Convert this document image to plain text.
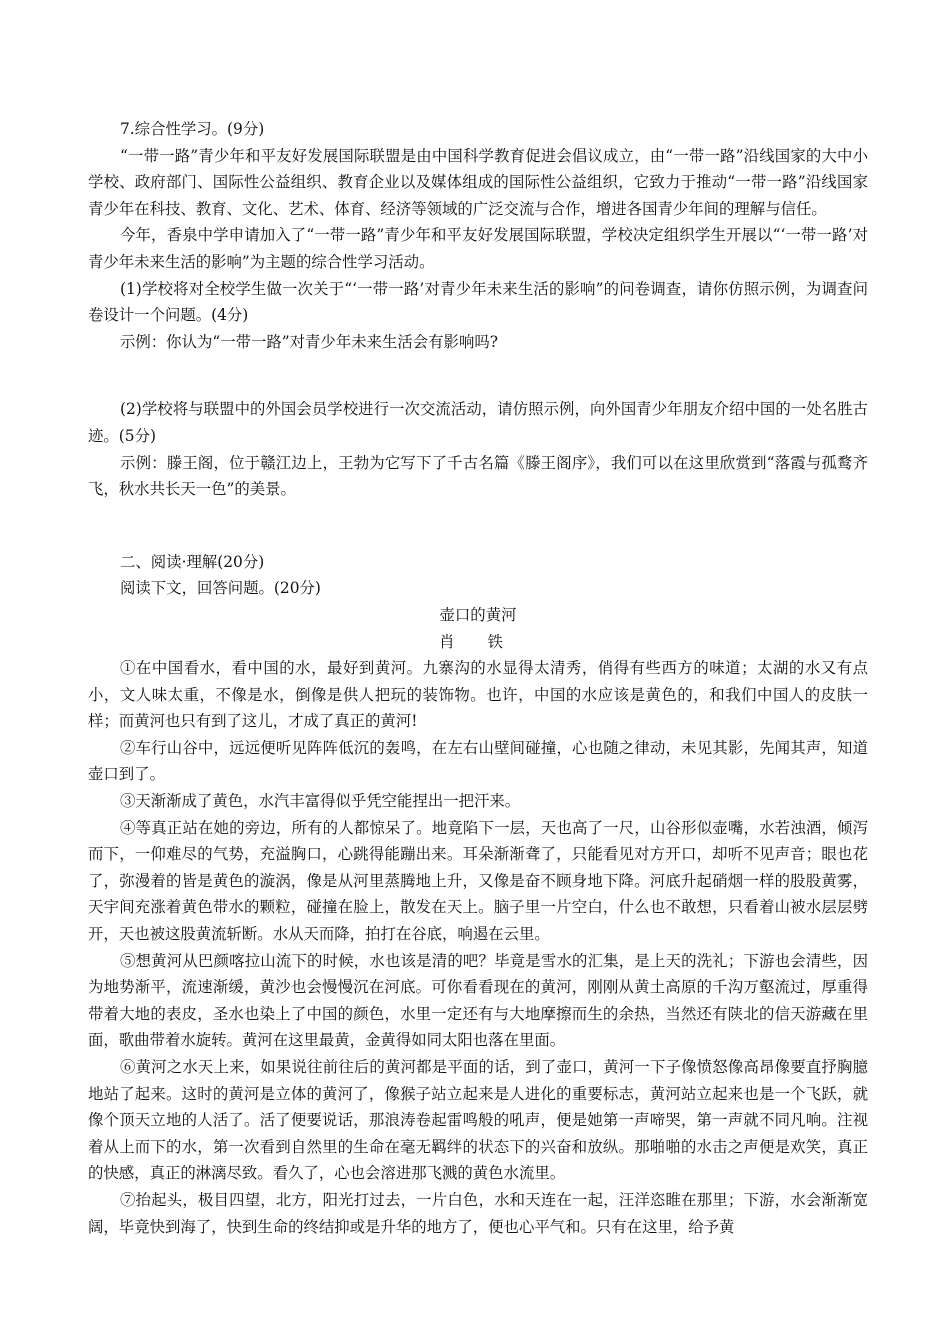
7.综合性学习。(9分)

“一带一路”青少年和平友好发展国际联盟是由中国科学教育促进会倡议成立，由“一带一路”沿线国家的大中小学校、政府部门、国际性公益组织、教育企业以及媒体组成的国际性公益组织，它致力于推动“一带一路”沿线国家青少年在科技、教育、文化、艺术、体育、经济等领域的广泛交流与合作，增进各国青少年间的理解与信任。

今年，香泉中学申请加入了“一带一路”青少年和平友好发展国际联盟，学校决定组织学生开展以“‘一带一路’对青少年未来生活的影响”为主题的综合性学习活动。

(1)学校将对全校学生做一次关于“‘一带一路’对青少年未来生活的影响”的问卷调查，请你仿照示例，为调查问卷设计一个问题。(4分)

示例：你认为“一带一路”对青少年未来生活会有影响吗?

(2)学校将与联盟中的外国会员学校进行一次交流活动，请仿照示例，向外国青少年朋友介绍中国的一处名胜古迹。(5分)

示例：滕王阁，位于赣江边上，王勃为它写下了千古名篇《滕王阁序》，我们可以在这里欣赏到“落霞与孤鹜齐飞，秋水共长天一色”的美景。

二、阅读·理解(20分)

阅读下文，回答问题。(20分)

壶口的黄河

肖 铁

①在中国看水，看中国的水，最好到黄河。九寨沟的水显得太清秀，俏得有些西方的味道；太湖的水又有点小，文人味太重，不像是水，倒像是供人把玩的装饰物。也许，中国的水应该是黄色的，和我们中国人的皮肤一样；而黄河也只有到了这儿，才成了真正的黄河!

②车行山谷中，远远便听见阵阵低沉的轰鸣，在左右山壁间碰撞，心也随之律动，未见其影，先闻其声，知道壶口到了。

③天渐渐成了黄色，水汽丰富得似乎凭空能捏出一把汗来。

④等真正站在她的旁边，所有的人都惊呆了。地竟陷下一层，天也高了一尺，山谷形似壶嘴，水若浊酒，倾泻而下，一仰难尽的气势，充溢胸口，心跳得能蹦出来。耳朵渐渐聋了，只能看见对方开口，却听不见声音；眼也花了，弥漫着的皆是黄色的漩涡，像是从河里蒸腾地上升，又像是奋不顾身地下降。河底升起硝烟一样的股股黄雾，天宇间充涨着黄色带水的颗粒，碰撞在脸上，散发在天上。脑子里一片空白，什么也不敢想，只看着山被水层层劈开，天也被这股黄流斩断。水从天而降，拍打在谷底，响遏在云里。

⑤想黄河从巴颜喀拉山流下的时候，水也该是清的吧？毕竟是雪水的汇集，是上天的洗礼；下游也会清些，因为地势渐平，流速渐缓，黄沙也会慢慢沉在河底。可你看看现在的黄河，刚刚从黄土高原的千沟万壑流过，厚重得带着大地的表皮，圣水也染上了中国的颜色，水里一定还有与大地摩擦而生的余热，当然还有陕北的信天游藏在里面，歌曲带着水旋转。黄河在这里最黄，金黄得如同太阳也落在里面。

⑥黄河之水天上来，如果说往前往后的黄河都是平面的话，到了壶口，黄河一下子像愤怒像高昂像要直抒胸臆地站了起来。这时的黄河是立体的黄河了，像猴子站立起来是人进化的重要标志，黄河站立起来也是一个飞跃，就像个顶天立地的人活了。活了便要说话，那浪涛卷起雷鸣般的吼声，便是她第一声啼哭，第一声就不同凡响。注视着从上而下的水，第一次看到自然里的生命在毫无羁绊的状态下的兴奋和放纵。那啪啪的水击之声便是欢笑，真正的快感，真正的淋漓尽致。看久了，心也会溶进那飞溅的黄色水流里。

⑦抬起头，极目四望，北方，阳光打过去，一片白色，水和天连在一起，汪洋恣睢在那里；下游，水会渐渐宽阔，毕竟快到海了，快到生命的终结抑或是升华的地方了，便也心平气和。只有在这里，给予黄
